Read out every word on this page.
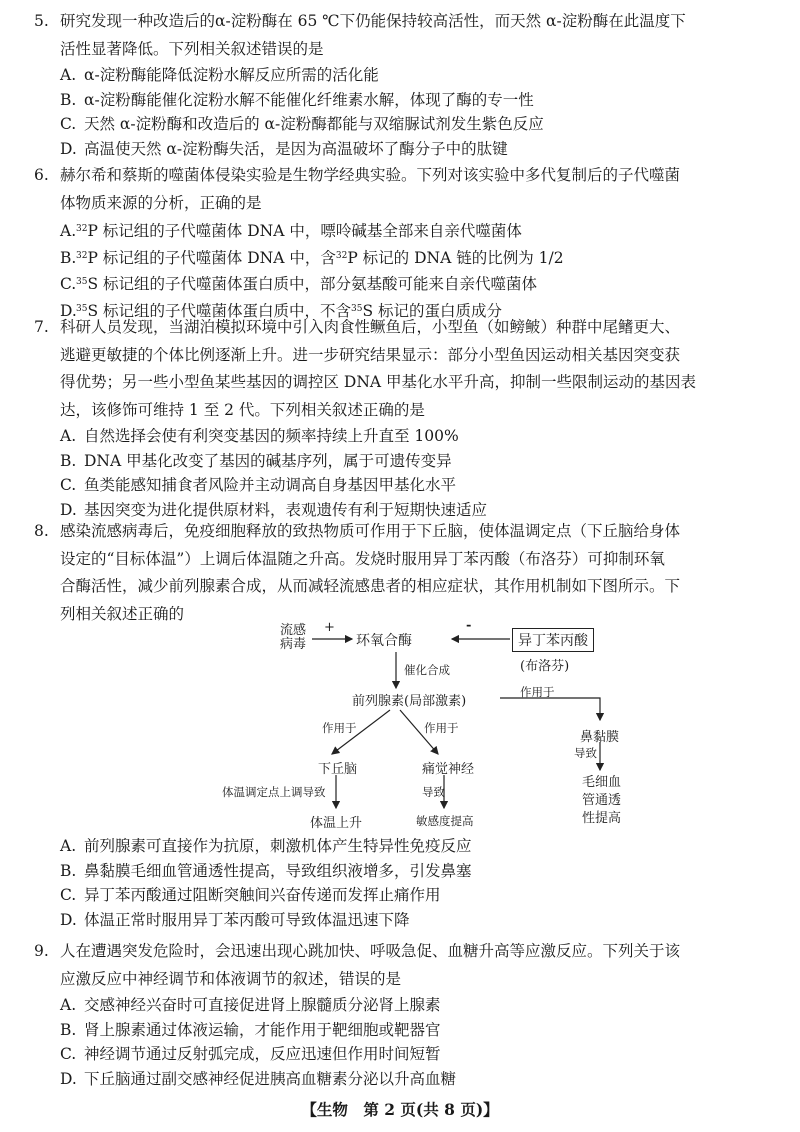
5. 研究发现一种改造后的α-淀粉酶在 65 ℃下仍能保持较高活性，而天然 α-淀粉酶在此温度下
活性显著降低。下列相关叙述错误的是
A. α-淀粉酶能降低淀粉水解反应所需的活化能
B. α-淀粉酶能催化淀粉水解不能催化纤维素水解，体现了酶的专一性
C. 天然 α-淀粉酶和改造后的 α-淀粉酶都能与双缩脲试剂发生紫色反应
D. 高温使天然 α-淀粉酶失活，是因为高温破坏了酶分子中的肽键
6. 赫尔希和蔡斯的噬菌体侵染实验是生物学经典实验。下列对该实验中多代复制后的子代噬菌
体物质来源的分析，正确的是
A.$^{32}$P 标记组的子代噬菌体 DNA 中，嘌呤碱基全部来自亲代噬菌体
B.$^{32}$P 标记组的子代噬菌体 DNA 中，含$^{32}$P 标记的 DNA 链的比例为 1/2
C.$^{35}$S 标记组的子代噬菌体蛋白质中，部分氨基酸可能来自亲代噬菌体
D.$^{35}$S 标记组的子代噬菌体蛋白质中，不含$^{35}$S 标记的蛋白质成分
7. 科研人员发现，当湖泊模拟环境中引入肉食性鳜鱼后，小型鱼（如鳑鲏）种群中尾鳍更大、
逃避更敏捷的个体比例逐渐上升。进一步研究结果显示：部分小型鱼因运动相关基因突变获
得优势；另一些小型鱼某些基因的调控区 DNA 甲基化水平升高，抑制一些限制运动的基因表
达，该修饰可维持 1 至 2 代。下列相关叙述正确的是
A. 自然选择会使有利突变基因的频率持续上升直至 100%
B. DNA 甲基化改变了基因的碱基序列，属于可遗传变异
C. 鱼类能感知捕食者风险并主动调高自身基因甲基化水平
D. 基因突变为进化提供原材料，表观遗传有利于短期快速适应
8. 感染流感病毒后，免疫细胞释放的致热物质可作用于下丘脑，使体温调定点（下丘脑给身体
设定的“目标体温”）上调后体温随之升高。发烧时服用异丁苯丙酸（布洛芬）可抑制环氧
合酶活性，减少前列腺素合成，从而减轻流感患者的相应症状，其作用机制如下图所示。下
列相关叙述正确的
流感
病毒
+
环氧合酶
-
异丁苯丙酸
(布洛芬)
催化合成
前列腺素(局部激素)
作用于
作用于	作用于
鼻黏膜
导致
下丘脑	痛觉神经
体温调定点上调导致	导致
毛细血
管通透
性提高
体温上升	敏感度提高
A. 前列腺素可直接作为抗原，刺激机体产生特异性免疫反应
B. 鼻黏膜毛细血管通透性提高，导致组织液增多，引发鼻塞
C. 异丁苯丙酸通过阻断突触间兴奋传递而发挥止痛作用
D. 体温正常时服用异丁苯丙酸可导致体温迅速下降
9. 人在遭遇突发危险时，会迅速出现心跳加快、呼吸急促、血糖升高等应激反应。下列关于该
应激反应中神经调节和体液调节的叙述，错误的是
A. 交感神经兴奋时可直接促进肾上腺髓质分泌肾上腺素
B. 肾上腺素通过体液运输，才能作用于靶细胞或靶器官
C. 神经调节通过反射弧完成，反应迅速但作用时间短暂
D. 下丘脑通过副交感神经促进胰高血糖素分泌以升高血糖
【生物　第 2 页(共 8 页)】
